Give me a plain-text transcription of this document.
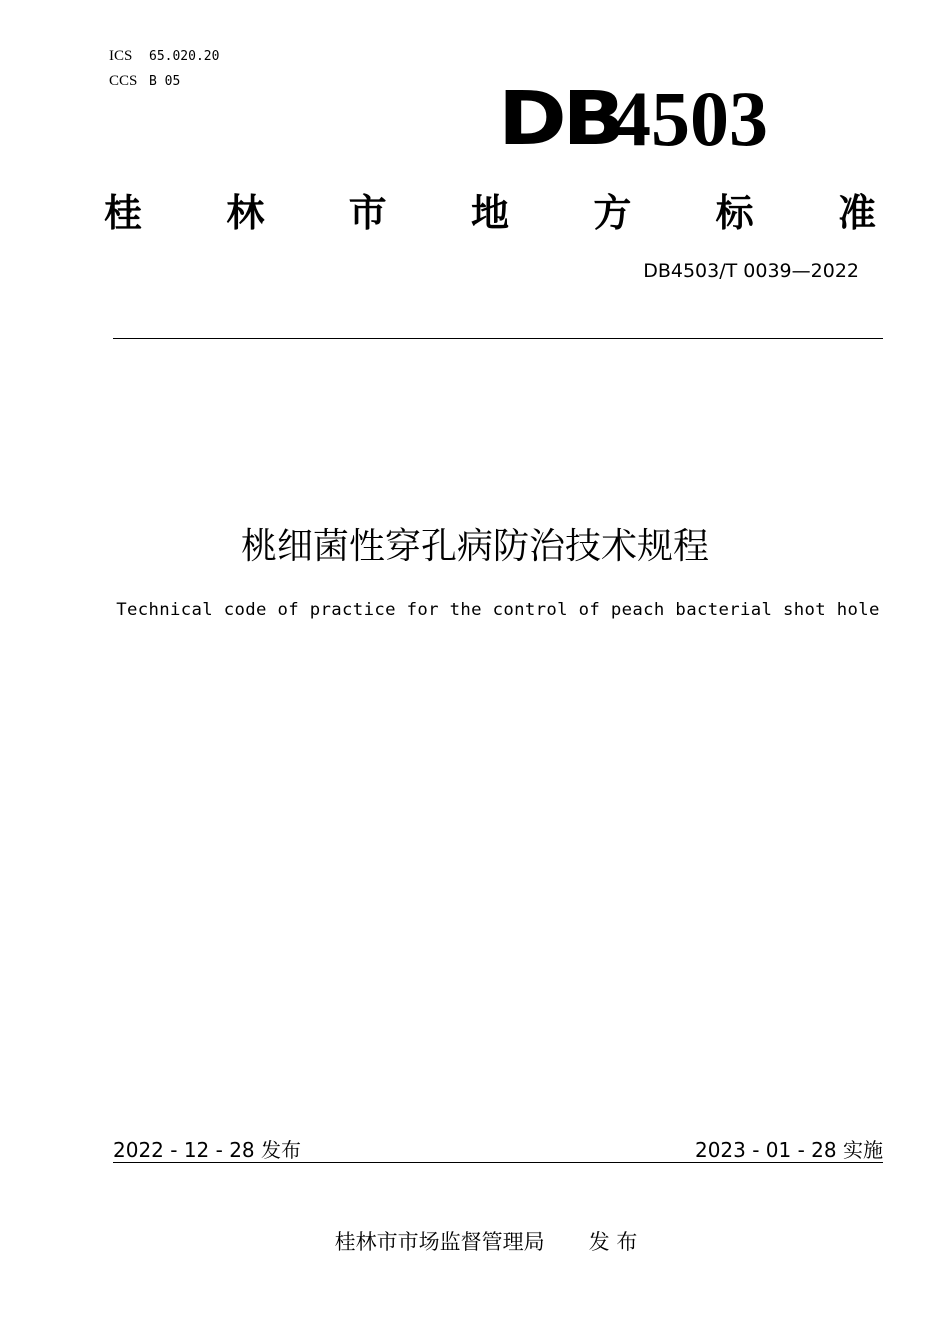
ICS 65.020.20
CCS B 05	DB
4503
桂 林 市 地 方 标 准
DB4503/T 0039—2022
桃细菌性穿孔病防治技术规程
Technical code of practice for the control of peach bacterial shot hole
2022 - 12 - 28 发布	2023 - 01 - 28 实施
桂林市市场监督管理局 发 布
